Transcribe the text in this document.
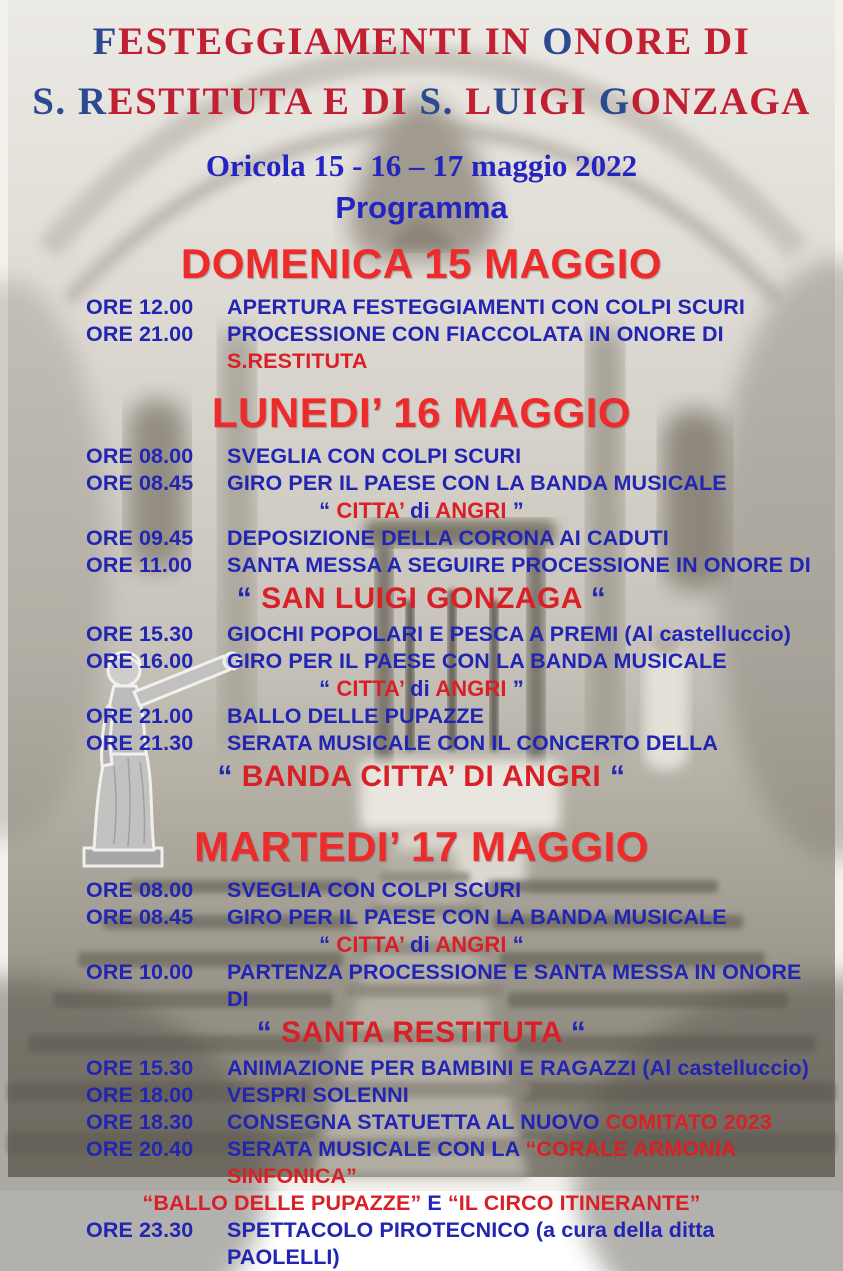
FESTEGGIAMENTI IN ONORE DI
S. RESTITUTA E DI S. LUIGI GONZAGA
Oricola 15 - 16 – 17 maggio 2022
Programma
DOMENICA 15 MAGGIO
ORE 12.00 APERTURA FESTEGGIAMENTI CON COLPI SCURI
ORE 21.00 PROCESSIONE CON FIACCOLATA IN ONORE DI S.RESTITUTA
LUNEDI’ 16 MAGGIO
ORE 08.00 SVEGLIA CON COLPI SCURI
ORE 08.45 GIRO PER IL PAESE CON LA BANDA MUSICALE
“ CITTA’ di ANGRI ”
ORE 09.45 DEPOSIZIONE DELLA CORONA AI CADUTI
ORE 11.00 SANTA MESSA A SEGUIRE PROCESSIONE IN ONORE DI
“ SAN LUIGI GONZAGA “
ORE 15.30 GIOCHI POPOLARI E PESCA A PREMI (Al castelluccio)
ORE 16.00 GIRO PER IL PAESE CON LA BANDA MUSICALE
“ CITTA’ di ANGRI ”
ORE 21.00 BALLO DELLE PUPAZZE
ORE 21.30 SERATA MUSICALE CON IL CONCERTO DELLA
“ BANDA CITTA’ DI ANGRI “
MARTEDI’ 17 MAGGIO
ORE 08.00 SVEGLIA CON COLPI SCURI
ORE 08.45 GIRO PER IL PAESE CON LA BANDA MUSICALE
“ CITTA’ di ANGRI “
ORE 10.00 PARTENZA PROCESSIONE E SANTA MESSA IN ONORE DI
“ SANTA RESTITUTA “
ORE 15.30 ANIMAZIONE PER BAMBINI E RAGAZZI (Al castelluccio)
ORE 18.00 VESPRI SOLENNI
ORE 18.30 CONSEGNA STATUETTA AL NUOVO COMITATO 2023
ORE 20.40 SERATA MUSICALE CON LA “CORALE ARMONIA SINFONICA”
“BALLO DELLE PUPAZZE” E “IL CIRCO ITINERANTE”
ORE 23.30 SPETTACOLO PIROTECNICO (a cura della ditta PAOLELLI)
